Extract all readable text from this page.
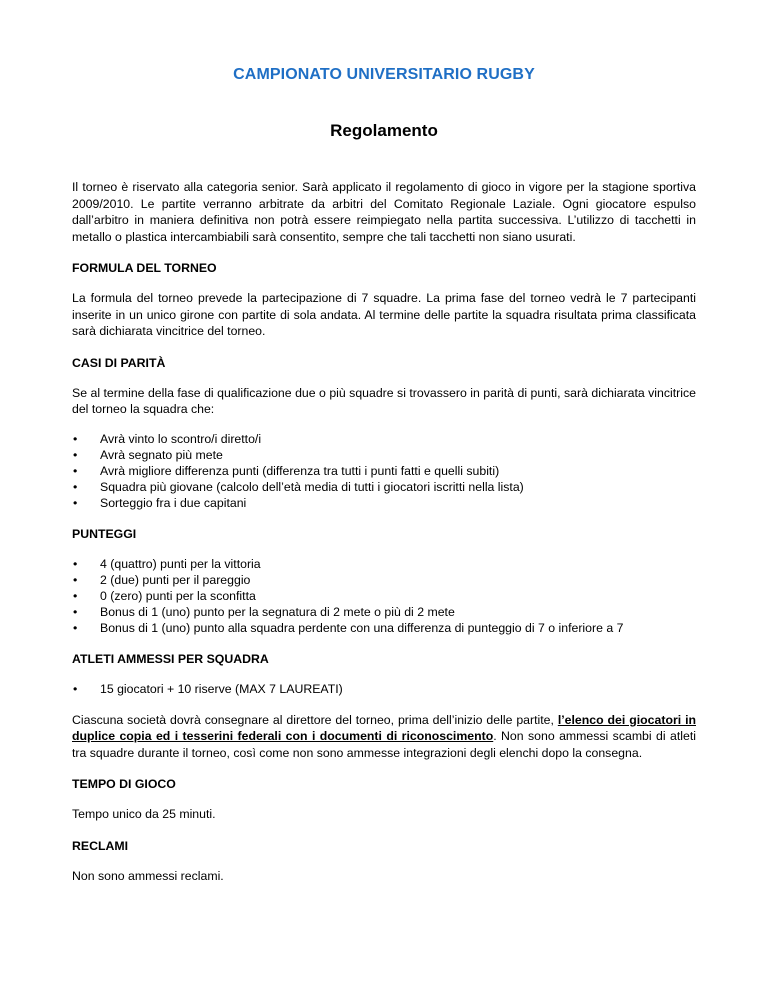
CAMPIONATO UNIVERSITARIO RUGBY
Regolamento

Il torneo è riservato alla categoria senior. Sarà applicato il regolamento di gioco in vigore per la stagione sportiva 2009/2010. Le partite verranno arbitrate da arbitri del Comitato Regionale Laziale. Ogni giocatore espulso dall’arbitro in maniera definitiva non potrà essere reimpiegato nella partita successiva. L’utilizzo di tacchetti in metallo o plastica intercambiabili sarà consentito, sempre che tali tacchetti non siano usurati.

FORMULA DEL TORNEO

La formula del torneo prevede la partecipazione di 7 squadre. La prima fase del torneo vedrà le 7 partecipanti inserite in un unico girone con partite di sola andata. Al termine delle partite la squadra risultata prima classificata sarà dichiarata vincitrice del torneo.

CASI DI PARITÀ

Se al termine della fase di qualificazione due o più squadre si trovassero in parità di punti, sarà dichiarata vincitrice del torneo la squadra che:

• Avrà vinto lo scontro/i diretto/i
• Avrà segnato più mete
• Avrà migliore differenza punti (differenza tra tutti i punti fatti e quelli subiti)
• Squadra più giovane (calcolo dell’età media di tutti i giocatori iscritti nella lista)
• Sorteggio fra i due capitani
PUNTEGGI
• 4 (quattro) punti per la vittoria
• 2 (due) punti per il pareggio
• 0 (zero) punti per la sconfitta
• Bonus di 1 (uno) punto per la segnatura di 2 mete o più di 2 mete
• Bonus di 1 (uno) punto alla squadra perdente con una differenza di punteggio di 7 o inferiore a 7
ATLETI AMMESSI PER SQUADRA
• 15 giocatori + 10 riserve (MAX 7 LAUREATI)

Ciascuna società dovrà consegnare al direttore del torneo, prima dell’inizio delle partite, l’elenco dei giocatori in duplice copia ed i tesserini federali con i documenti di riconoscimento. Non sono ammessi scambi di atleti tra squadre durante il torneo, così come non sono ammesse integrazioni degli elenchi dopo la consegna.

TEMPO DI GIOCO

Tempo unico da 25 minuti.

RECLAMI

Non sono ammessi reclami.
